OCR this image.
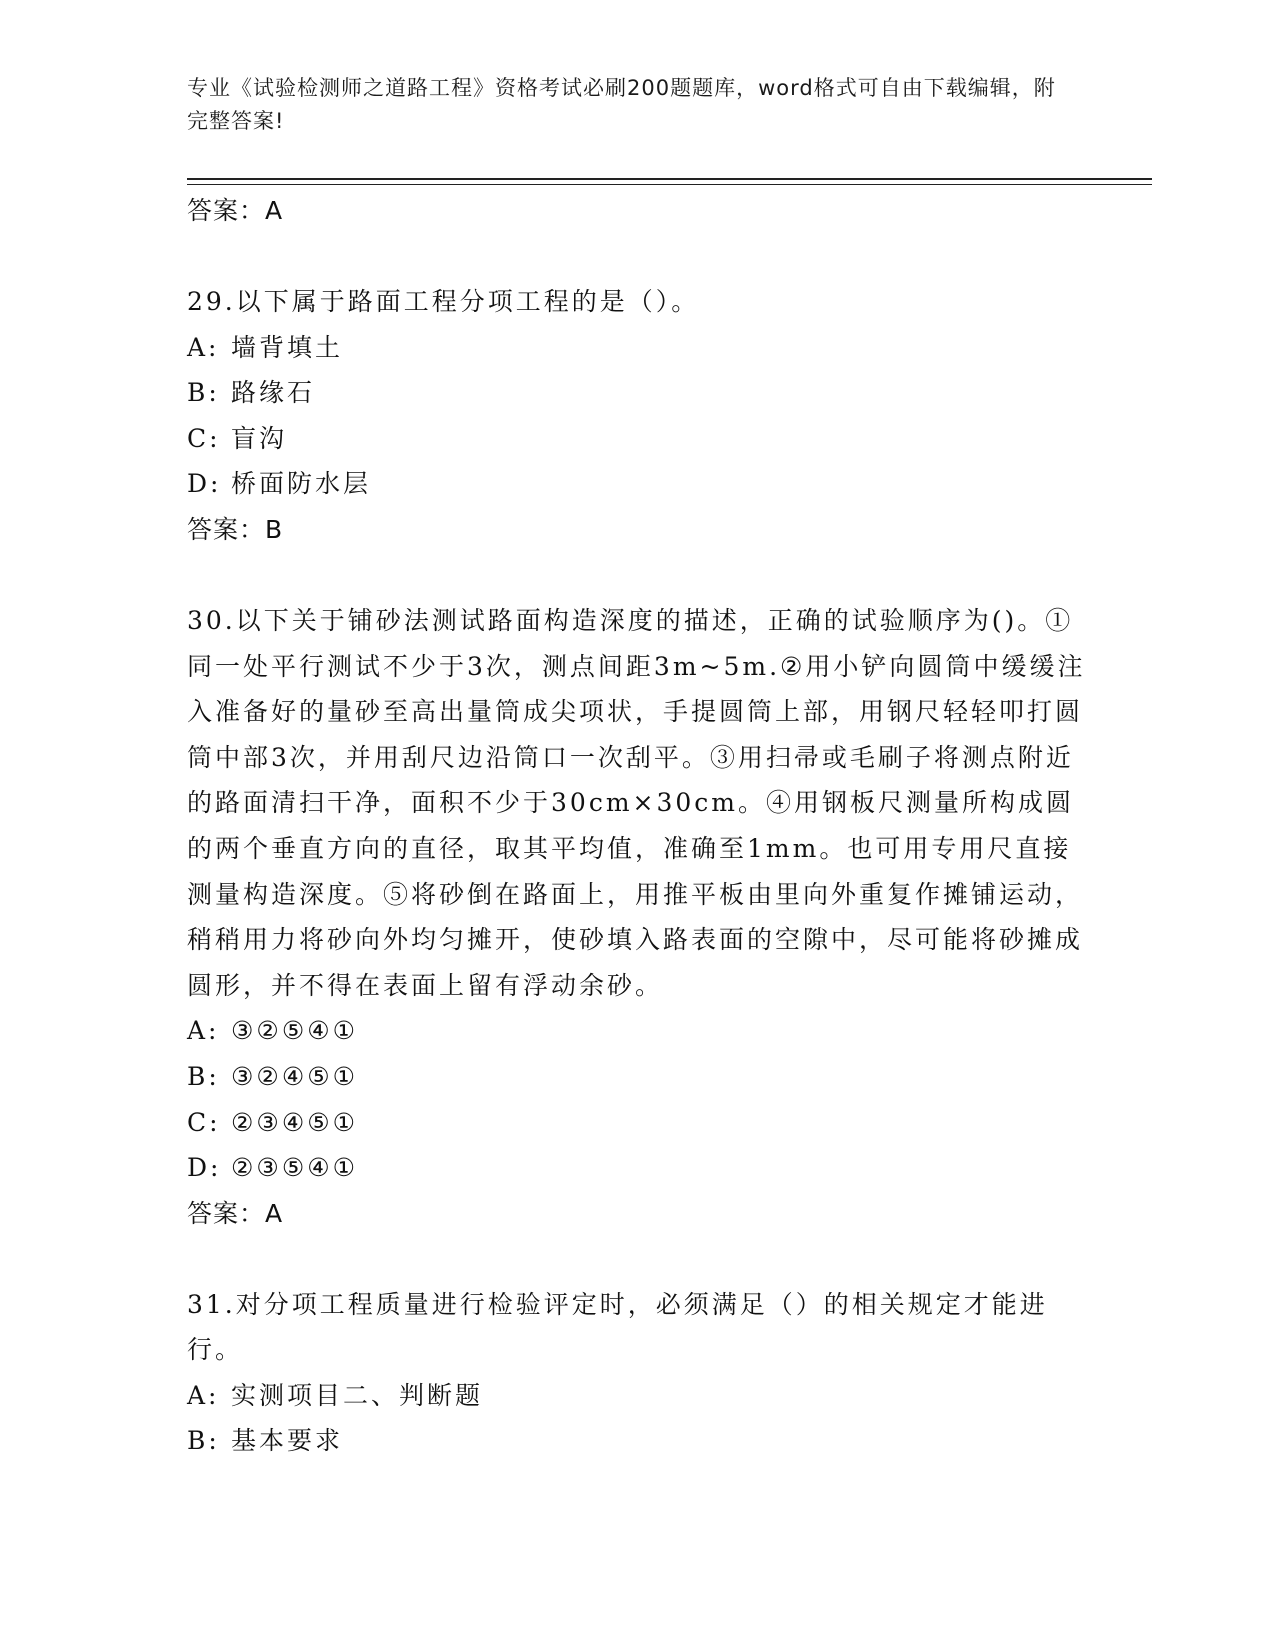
专业《试验检测师之道路工程》资格考试必刷200题题库，word格式可自由下载编辑，附完整答案!
答案：A
29.以下属于路面工程分项工程的是（）。
A: 墙背填土
B: 路缘石
C: 盲沟
D: 桥面防水层
答案：B
30.以下关于铺砂法测试路面构造深度的描述，正确的试验顺序为()。①同一处平行测试不少于3次，测点间距3m~5m.②用小铲向圆筒中缓缓注入准备好的量砂至高出量筒成尖项状，手提圆筒上部，用钢尺轻轻叩打圆筒中部3次，并用刮尺边沿筒口一次刮平。③用扫帚或毛刷子将测点附近的路面清扫干净，面积不少于30cm×30cm。④用钢板尺测量所构成圆的两个垂直方向的直径，取其平均值，准确至1mm。也可用专用尺直接测量构造深度。⑤将砂倒在路面上，用推平板由里向外重复作摊铺运动，稍稍用力将砂向外均匀摊开，使砂填入路表面的空隙中，尽可能将砂摊成圆形，并不得在表面上留有浮动余砂。
A: ③②⑤④①
B: ③②④⑤①
C: ②③④⑤①
D: ②③⑤④①
答案：A
31.对分项工程质量进行检验评定时，必须满足（）的相关规定才能进行。
A: 实测项目二、判断题
B: 基本要求
